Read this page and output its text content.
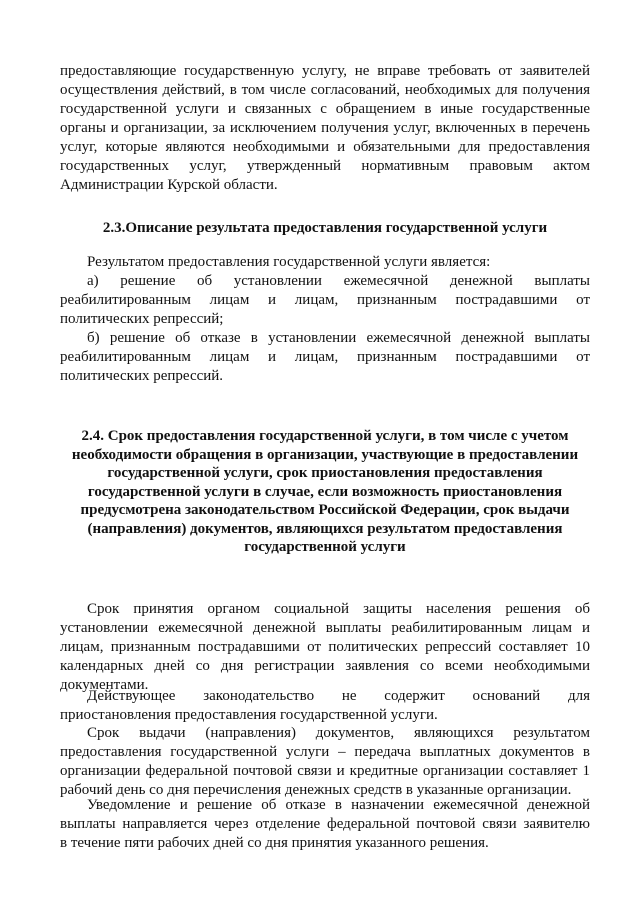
предоставляющие государственную услугу, не вправе требовать от заявителей
осуществления действий, в том числе согласований, необходимых для получения
государственной услуги и связанных с обращением в иные государственные
органы и организации, за исключением получения услуг, включенных в перечень
услуг, которые являются необходимыми и обязательными для предоставления
государственных услуг, утвержденный нормативным правовым актом
Администрации Курской области.
2.3.Описание результата предоставления государственной услуги
Результатом предоставления государственной услуги является:
а) решение об установлении ежемесячной денежной выплаты
реабилитированным лицам и лицам, признанным пострадавшими от
политических репрессий;
б) решение об отказе в установлении ежемесячной денежной выплаты
реабилитированным лицам и лицам, признанным пострадавшими от
политических репрессий.
2.4. Срок предоставления государственной услуги, в том числе с учетом
необходимости обращения в организации, участвующие в предоставлении
государственной услуги, срок приостановления предоставления
государственной услуги в случае, если возможность приостановления
предусмотрена законодательством Российской Федерации, срок выдачи
(направления) документов, являющихся результатом предоставления
государственной услуги
Срок принятия органом социальной защиты населения решения об
установлении ежемесячной денежной выплаты реабилитированным лицам и
лицам, признанным пострадавшими от политических репрессий составляет 10
календарных дней со дня регистрации заявления со всеми необходимыми
документами.
Действующее законодательство не содержит оснований для
приостановления предоставления государственной услуги.
Срок выдачи (направления) документов, являющихся результатом
предоставления государственной услуги – передача выплатных документов в
организации федеральной почтовой связи и кредитные организации составляет 1
рабочий день со дня перечисления денежных средств в указанные организации.
Уведомление и решение об отказе в назначении ежемесячной денежной
выплаты направляется через отделение федеральной почтовой связи заявителю
в течение пяти рабочих дней со дня принятия указанного решения.
